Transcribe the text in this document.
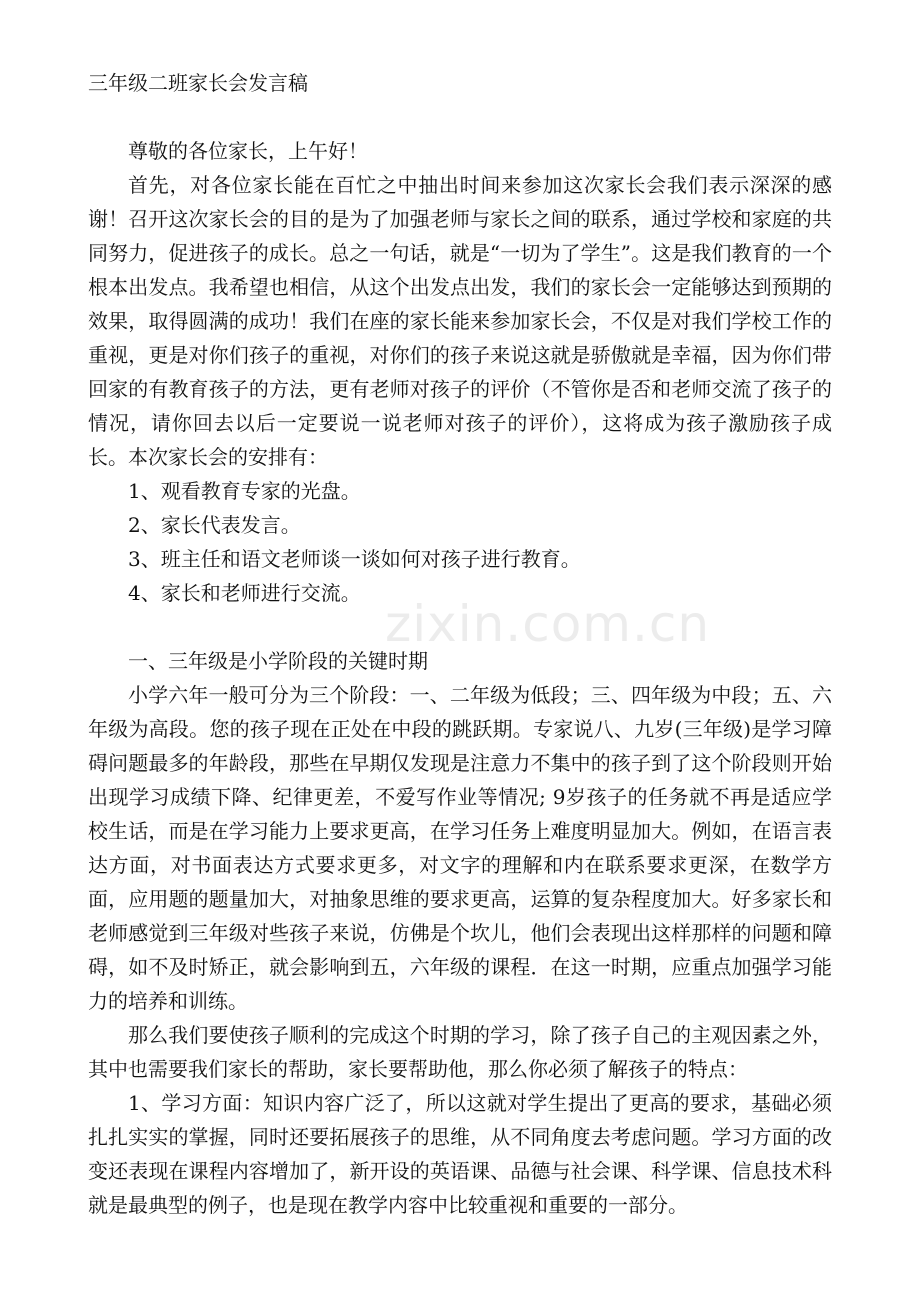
三年级二班家长会发言稿

尊敬的各位家长，上午好！

首先，对各位家长能在百忙之中抽出时间来参加这次家长会我们表示深深的感谢！召开这次家长会的目的是为了加强老师与家长之间的联系，通过学校和家庭的共同努力，促进孩子的成长。总之一句话，就是“一切为了学生”。这是我们教育的一个根本出发点。我希望也相信，从这个出发点出发，我们的家长会一定能够达到预期的效果，取得圆满的成功！我们在座的家长能来参加家长会，不仅是对我们学校工作的重视，更是对你们孩子的重视，对你们的孩子来说这就是骄傲就是幸福，因为你们带回家的有教育孩子的方法，更有老师对孩子的评价（不管你是否和老师交流了孩子的情况，请你回去以后一定要说一说老师对孩子的评价），这将成为孩子激励孩子成长。本次家长会的安排有：

1、观看教育专家的光盘。
2、家长代表发言。
3、班主任和语文老师谈一谈如何对孩子进行教育。
4、家长和老师进行交流。

一、三年级是小学阶段的关键时期

小学六年一般可分为三个阶段：一、二年级为低段；三、四年级为中段；五、六年级为高段。您的孩子现在正处在中段的跳跃期。专家说八、九岁(三年级)是学习障碍问题最多的年龄段，那些在早期仅发现是注意力不集中的孩子到了这个阶段则开始出现学习成绩下降、纪律更差，不爱写作业等情况; 9岁孩子的任务就不再是适应学校生话，而是在学习能力上要求更高，在学习任务上难度明显加大。例如，在语言表达方面，对书面表达方式要求更多，对文字的理解和内在联系要求更深，在数学方面，应用题的题量加大，对抽象思维的要求更高，运算的复杂程度加大。好多家长和老师感觉到三年级对些孩子来说，仿佛是个坎儿，他们会表现出这样那样的问题和障碍，如不及时矫正，就会影响到五，六年级的课程．在这一时期，应重点加强学习能力的培养和训练。

那么我们要使孩子顺利的完成这个时期的学习，除了孩子自己的主观因素之外，其中也需要我们家长的帮助，家长要帮助他，那么你必须了解孩子的特点：

1、学习方面：知识内容广泛了，所以这就对学生提出了更高的要求，基础必须扎扎实实的掌握，同时还要拓展孩子的思维，从不同角度去考虑问题。学习方面的改变还表现在课程内容增加了，新开设的英语课、品德与社会课、科学课、信息技术科就是最典型的例子，也是现在教学内容中比较重视和重要的一部分。

zixin.com.cn
